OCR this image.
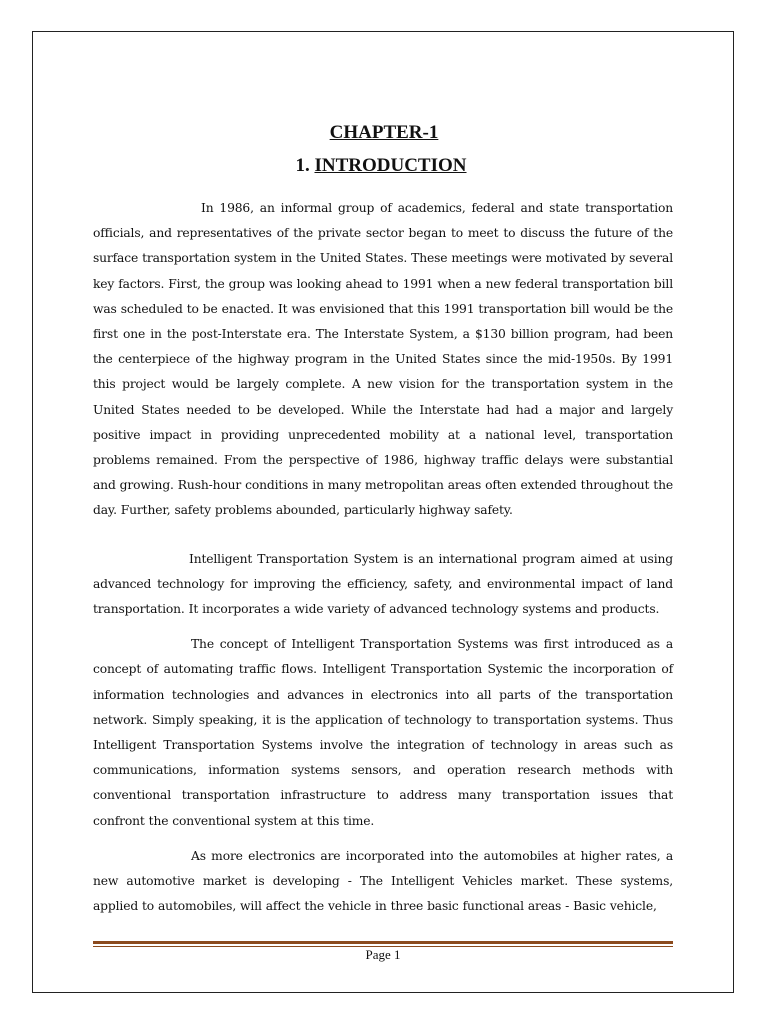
CHAPTER-1
1. INTRODUCTION

In 1986, an informal group of academics, federal and state transportation officials, and representatives of the private sector began to meet to discuss the future of the surface transportation system in the United States. These meetings were motivated by several key factors. First, the group was looking ahead to 1991 when a new federal transportation bill was scheduled to be enacted. It was envisioned that this 1991 transportation bill would be the first one in the post-Interstate era. The Interstate System, a $130 billion program, had been the centerpiece of the highway program in the United States since the mid-1950s. By 1991 this project would be largely complete. A new vision for the transportation system in the United States needed to be developed. While the Interstate had had a major and largely positive impact in providing unprecedented mobility at a national level, transportation problems remained. From the perspective of 1986, highway traffic delays were substantial and growing. Rush-hour conditions in many metropolitan areas often extended throughout the day. Further, safety problems abounded, particularly highway safety.

Intelligent Transportation System is an international program aimed at using advanced technology for improving the efficiency, safety, and environmental impact of land transportation. It incorporates a wide variety of advanced technology systems and products.

The concept of Intelligent Transportation Systems was first introduced as a concept of automating traffic flows. Intelligent Transportation Systemic the incorporation of information technologies and advances in electronics into all parts of the transportation network. Simply speaking, it is the application of technology to transportation systems. Thus Intelligent Transportation Systems involve the integration of technology in areas such as communications, information systems sensors, and operation research methods with conventional transportation infrastructure to address many transportation issues that confront the conventional system at this time.

As more electronics are incorporated into the automobiles at higher rates, a new automotive market is developing - The Intelligent Vehicles market. These systems, applied to automobiles, will affect the vehicle in three basic functional areas - Basic vehicle,

Page 1
